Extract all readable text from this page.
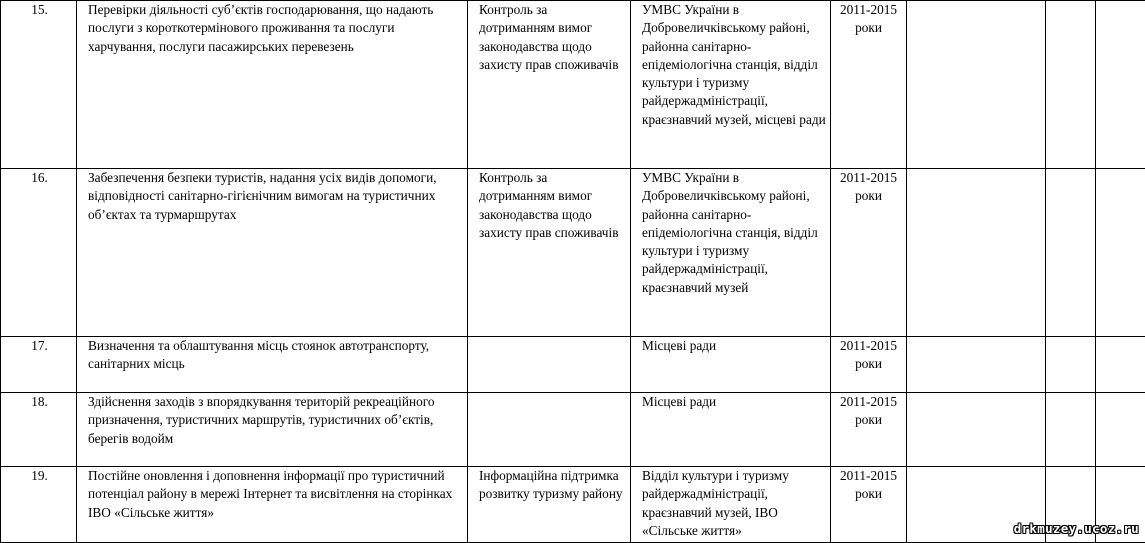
15.	Перевірки діяльності суб’єктів господарювання, що надають послуги з короткотермінового проживання та послуги харчування, послуги пасажирських перевезень	Контроль за дотриманням вимог законодавства щодо захисту прав споживачів	УМВС України в Добровеличківському районі, районна санітарно-епідеміологічна станція, відділ культури і туризму райдержадміністрації, краєзнавчий музей, місцеві ради	2011-2015 роки			

16.	Забезпечення безпеки туристів, надання усіх видів допомоги, відповідності санітарно-гігієнічним вимогам на туристичних об’єктах та турмаршрутах	Контроль за дотриманням вимог законодавства щодо захисту прав споживачів	УМВС України в Добровеличківському районі, районна санітарно-епідеміологічна станція, відділ культури і туризму райдержадміністрації, краєзнавчий музей	2011-2015 роки			

17.	Визначення та облаштування місць стоянок автотранспорту, санітарних місць		Місцеві ради	2011-2015 роки			

18.	Здійснення заходів з впорядкування територій рекреаційного призначення, туристичних маршрутів, туристичних об’єктів, берегів водойм		Місцеві ради	2011-2015 роки			

19.	Постійне оновлення і доповнення інформації про туристичний потенціал району в мережі Інтернет та висвітлення на сторінках ІВО «Сільське життя»	Інформаційна підтримка розвитку туризму району	Відділ культури і туризму райдержадміністрації, краєзнавчий музей, ІВО «Сільське життя»	2011-2015 роки			
drkmuzey.ucoz.ru
